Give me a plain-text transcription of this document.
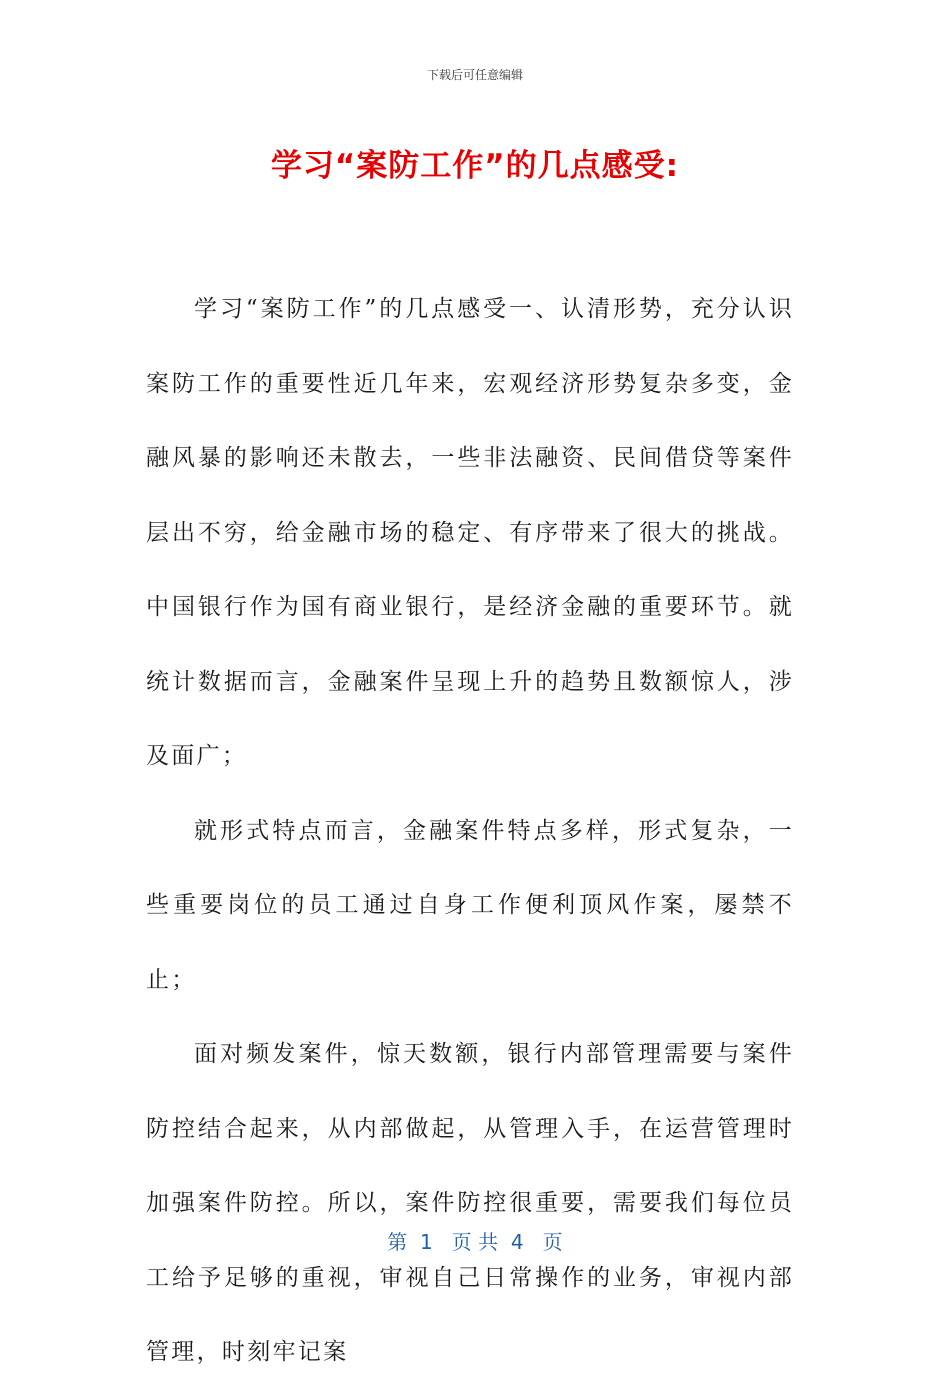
下载后可任意编辑
学习“案防工作”的几点感受:

学习“案防工作”的几点感受一、认清形势，充分认识案防工作的重要性近几年来，宏观经济形势复杂多变，金融风暴的影响还未散去，一些非法融资、民间借贷等案件层出不穷，给金融市场的稳定、有序带来了很大的挑战。中国银行作为国有商业银行，是经济金融的重要环节。就统计数据而言，金融案件呈现上升的趋势且数额惊人，涉及面广；

就形式特点而言，金融案件特点多样，形式复杂，一些重要岗位的员工通过自身工作便利顶风作案，屡禁不止；

面对频发案件，惊天数额，银行内部管理需要与案件防控结合起来，从内部做起，从管理入手，在运营管理时加强案件防控。所以，案件防控很重要，需要我们每位员工给予足够的重视，审视自己日常操作的业务，审视内部管理，时刻牢记案

第  1   页 共  4   页
